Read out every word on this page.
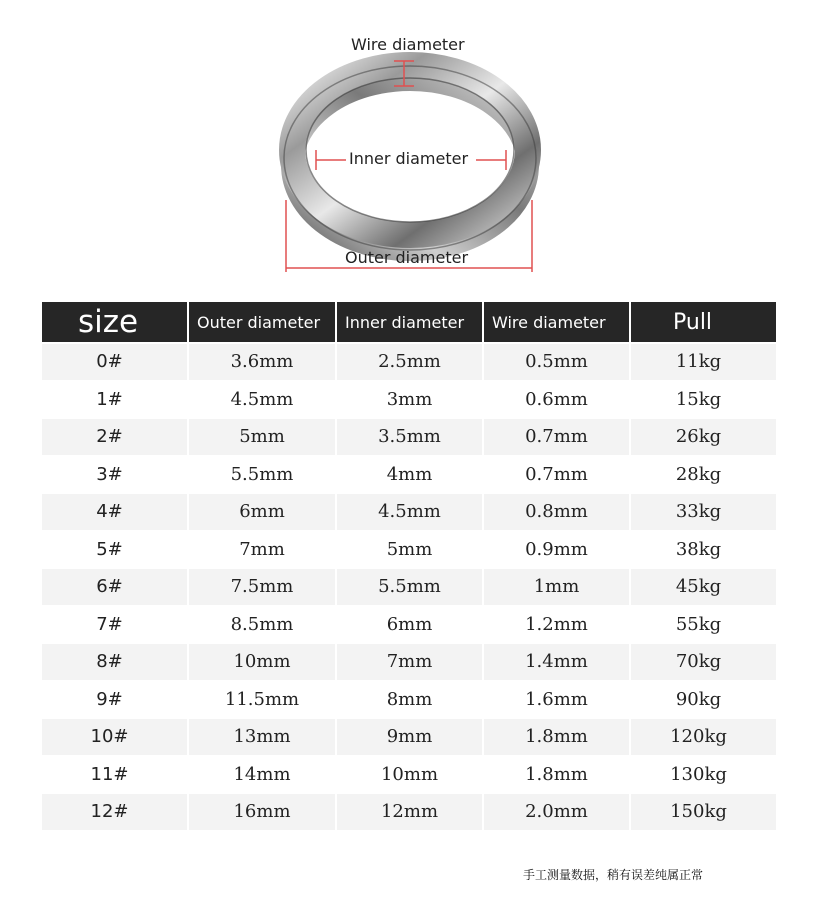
Wire diameter
Inner diameter
Outer diameter
size	Outer diameter	Inner diameter	Wire diameter	Pull
0#	3.6mm	2.5mm	0.5mm	11kg
1#	4.5mm	3mm	0.6mm	15kg
2#	5mm	3.5mm	0.7mm	26kg
3#	5.5mm	4mm	0.7mm	28kg
4#	6mm	4.5mm	0.8mm	33kg
5#	7mm	5mm	0.9mm	38kg
6#	7.5mm	5.5mm	1mm	45kg
7#	8.5mm	6mm	1.2mm	55kg
8#	10mm	7mm	1.4mm	70kg
9#	11.5mm	8mm	1.6mm	90kg
10#	13mm	9mm	1.8mm	120kg
11#	14mm	10mm	1.8mm	130kg
12#	16mm	12mm	2.0mm	150kg
手工测量数据，稍有误差纯属正常
